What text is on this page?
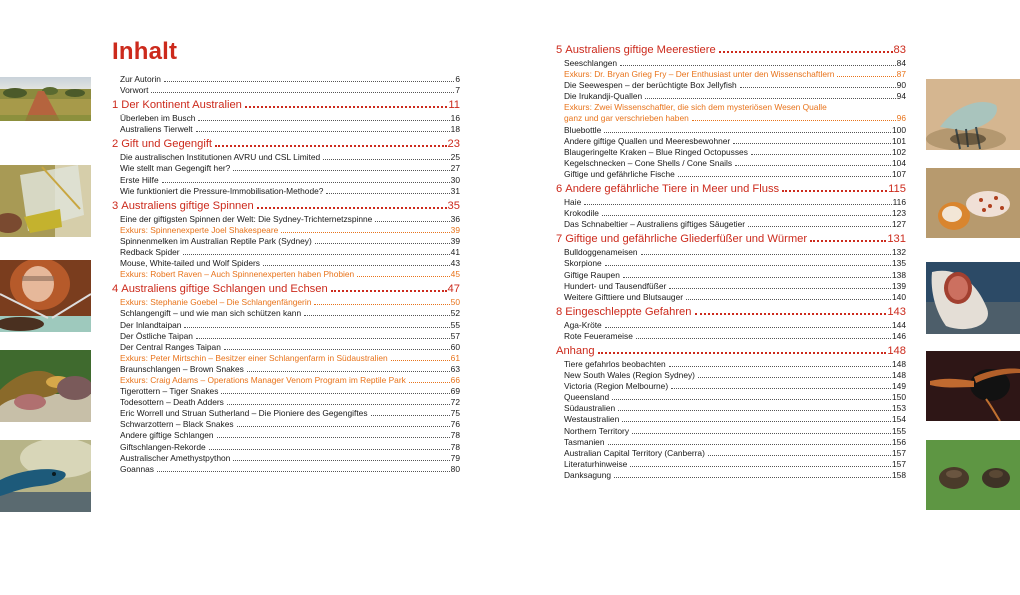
Inhalt
Zur Autorin	6
Vorwort	7
1 Der Kontinent Australien	11
Überleben im Busch	16
Australiens Tierwelt	18
2 Gift und Gegengift	23
Die australischen Institutionen AVRU und CSL Limited	25
Wie stellt man Gegengift her?	27
Erste Hilfe	30
Wie funktioniert die Pressure-Immobilisation-Methode?	31
3 Australiens giftige Spinnen	35
Eine der giftigsten Spinnen der Welt: Die Sydney-Trichternetzspinne	36
Exkurs: Spinnenexperte Joel Shakespeare	39
Spinnenmelken im Australian Reptile Park (Sydney)	39
Redback Spider	41
Mouse, White-tailed und Wolf Spiders	43
Exkurs: Robert Raven – Auch Spinnenexperten haben Phobien	45
4 Australiens giftige Schlangen und Echsen	47
Exkurs: Stephanie Goebel – Die Schlangenfängerin	50
Schlangengift – und wie man sich schützen kann	52
Der Inlandtaipan	55
Der Östliche Taipan	57
Der Central Ranges Taipan	60
Exkurs: Peter Mirtschin – Besitzer einer Schlangenfarm in Südaustralien	61
Braunschlangen – Brown Snakes	63
Exkurs: Craig Adams – Operations Manager Venom Program im Reptile Park	66
Tigerottern – Tiger Snakes	69
Todesottern – Death Adders	72
Eric Worrell und Struan Sutherland – Die Pioniere des Gegengiftes	75
Schwarzottern – Black Snakes	76
Andere giftige Schlangen	78
Giftschlangen-Rekorde	78
Australischer Amethystpython	79
Goannas	80
5 Australiens giftige Meerestiere	83
Seeschlangen	84
Exkurs: Dr. Bryan Grieg Fry – Der Enthusiast unter den Wissenschaftlern	87
Die Seewespen – der berüchtigte Box Jellyfish	90
Die Irukandji-Quallen	94
Exkurs: Zwei Wissenschaftler, die sich dem mysteriösen Wesen Qualle
ganz und gar verschrieben haben	96
Bluebottle	100
Andere giftige Quallen und Meeresbewohner	101
Blaugeringelte Kraken – Blue Ringed Octopusses	102
Kegelschnecken – Cone Shells / Cone Snails	104
Giftige und gefährliche Fische	107
6 Andere gefährliche Tiere in Meer und Fluss	115
Haie	116
Krokodile	123
Das Schnabeltier – Australiens giftiges Säugetier	127
7 Giftige und gefährliche Gliederfüßer und Würmer	131
Bulldoggenameisen	132
Skorpione	135
Giftige Raupen	138
Hundert- und Tausendfüßer	139
Weitere Gifttiere und Blutsauger	140
8 Eingeschleppte Gefahren	143
Aga-Kröte	144
Rote Feuerameise	146
Anhang	148
Tiere gefahrlos beobachten	148
New South Wales (Region Sydney)	148
Victoria (Region Melbourne)	149
Queensland	150
Südaustralien	153
Westaustralien	154
Northern Territory	155
Tasmanien	156
Australian Capital Territory (Canberra)	157
Literaturhinweise	157
Danksagung	158
